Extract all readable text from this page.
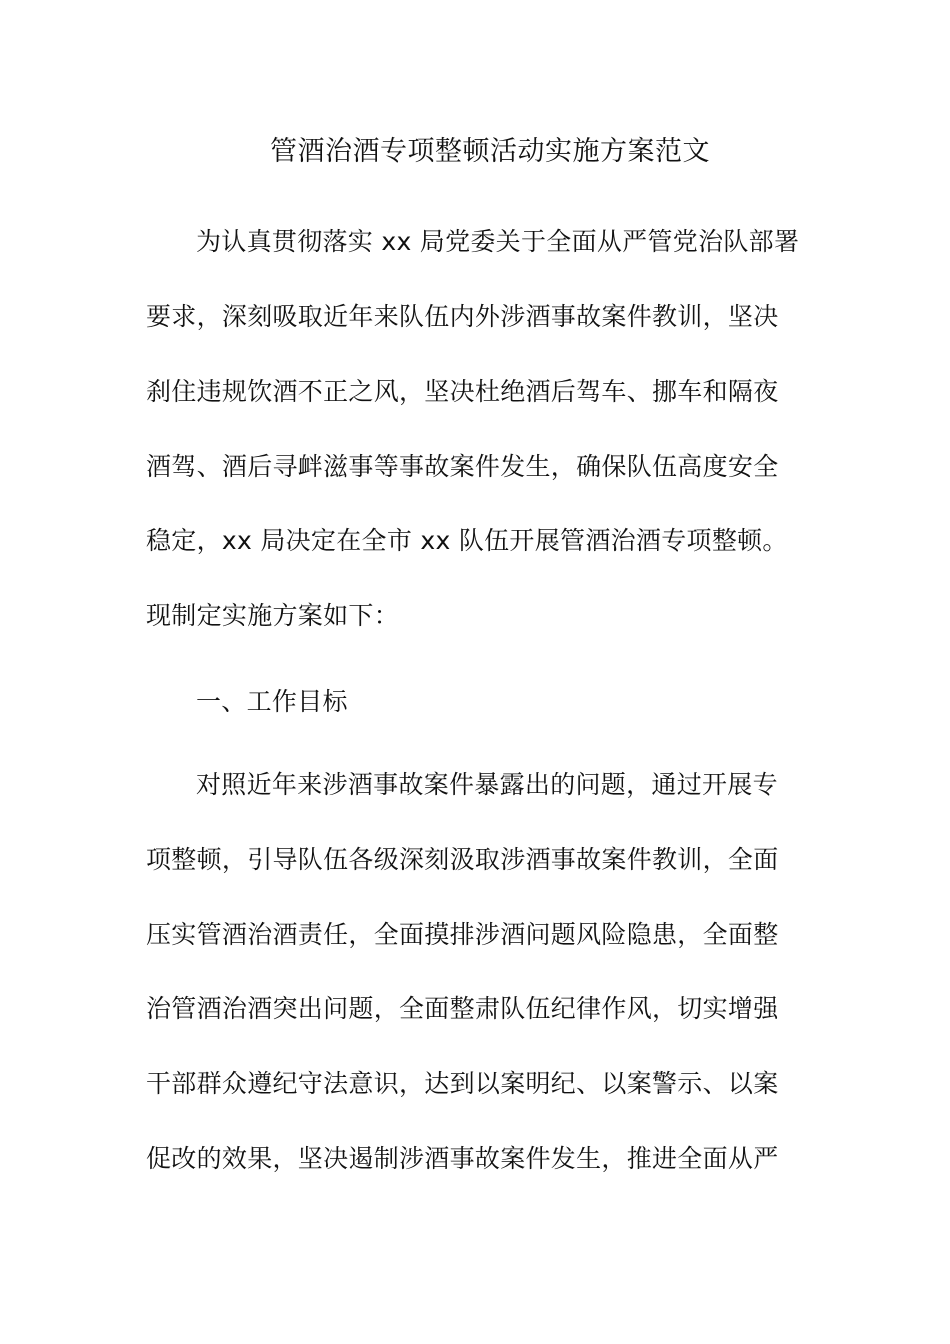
管酒治酒专项整顿活动实施方案范文
为认真贯彻落实 xx 局党委关于全面从严管党治队部署
要求，深刻吸取近年来队伍内外涉酒事故案件教训，坚决
刹住违规饮酒不正之风，坚决杜绝酒后驾车、挪车和隔夜
酒驾、酒后寻衅滋事等事故案件发生，确保队伍高度安全
稳定，xx 局决定在全市 xx 队伍开展管酒治酒专项整顿。
现制定实施方案如下：
一、工作目标
对照近年来涉酒事故案件暴露出的问题，通过开展专
项整顿，引导队伍各级深刻汲取涉酒事故案件教训，全面
压实管酒治酒责任，全面摸排涉酒问题风险隐患，全面整
治管酒治酒突出问题，全面整肃队伍纪律作风，切实增强
干部群众遵纪守法意识，达到以案明纪、以案警示、以案
促改的效果，坚决遏制涉酒事故案件发生，推进全面从严
